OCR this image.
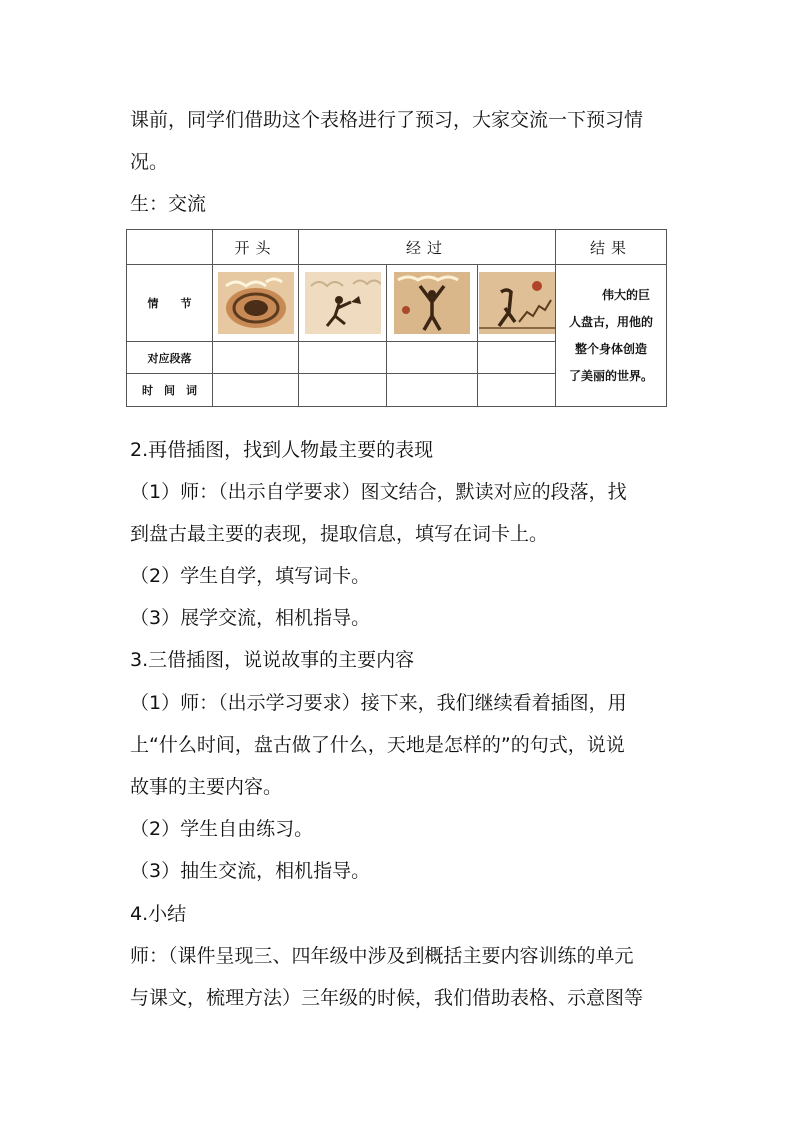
课前，同学们借助这个表格进行了预习，大家交流一下预习情
况。
生：交流
	开头	经过			结果
情　　节					伟大的巨
人盘古，用他的
整个身体创造
了美丽的世界。

对应段落					
时　间　词					
2.再借插图，找到人物最主要的表现
（1）师：（出示自学要求）图文结合，默读对应的段落，找
到盘古最主要的表现，提取信息，填写在词卡上。
（2）学生自学，填写词卡。
（3）展学交流，相机指导。
3.三借插图，说说故事的主要内容
（1）师：（出示学习要求）接下来，我们继续看着插图，用
上“什么时间，盘古做了什么，天地是怎样的”的句式，说说
故事的主要内容。
（2）学生自由练习。
（3）抽生交流，相机指导。
4.小结
师：（课件呈现三、四年级中涉及到概括主要内容训练的单元
与课文，梳理方法）三年级的时候，我们借助表格、示意图等
